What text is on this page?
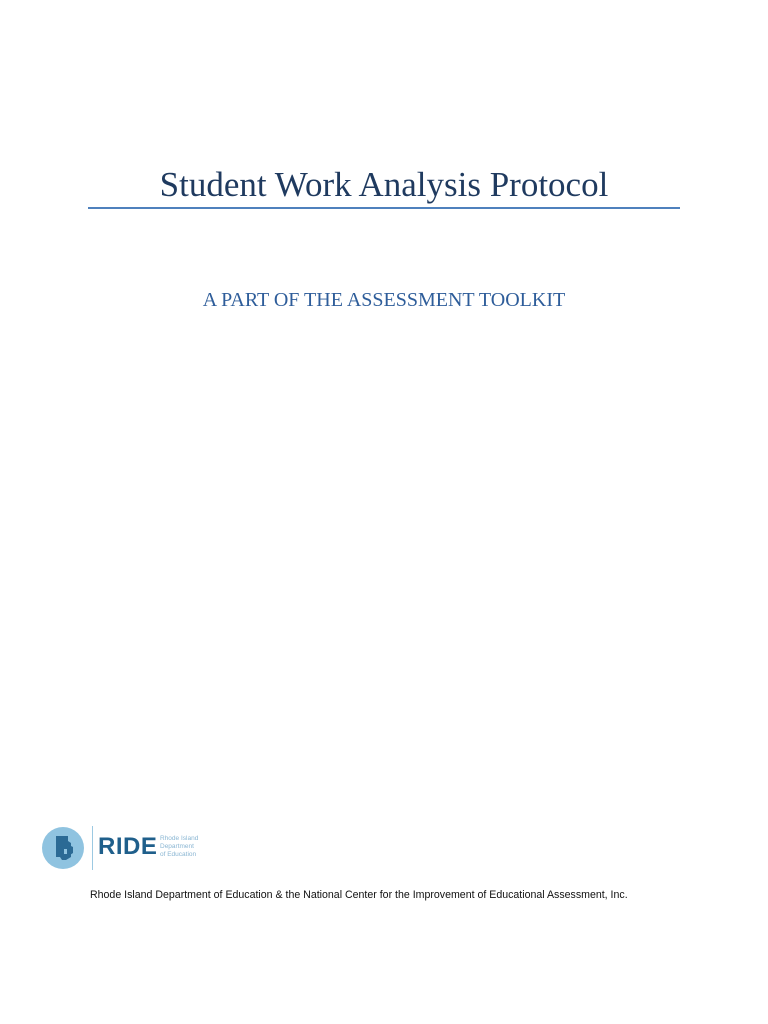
Student Work Analysis Protocol
A PART OF THE ASSESSMENT TOOLKIT
RIDE Rhode Island
Department
of Education
Rhode Island Department of Education & the National Center for the Improvement of Educational Assessment, Inc.
